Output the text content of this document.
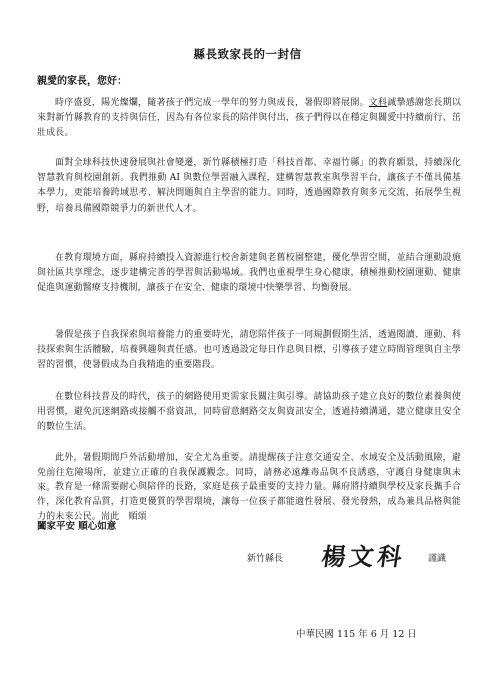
縣長致家長的一封信
親愛的家長，您好：
時序盛夏，陽光燦爛，隨著孩子們完成一學年的努力與成長，暑假即將展開。文科誠摯感謝您長期以來對新竹縣教育的支持與信任，因為有各位家長的陪伴與付出，孩子們得以在穩定與關愛中持續前行、茁壯成長。
面對全球科技快速發展與社會變遷，新竹縣積極打造「科技首都、幸福竹縣」的教育願景，持續深化智慧教育與校園創新。我們推動 AI 與數位學習融入課程，建構智慧教室與學習平台，讓孩子不僅具備基本學力，更能培養跨域思考、解決問題與自主學習的能力。同時，透過國際教育與多元交流，拓展學生視野，培養具備國際競爭力的新世代人才。
在教育環境方面，縣府持續投入資源進行校舍新建與老舊校園整建，優化學習空間，並結合運動設施與社區共享理念，逐步建構完善的學習與活動場域。我們也重視學生身心健康，積極推動校園運動、健康促進與運動醫療支持機制，讓孩子在安全、健康的環境中快樂學習、均衡發展。
暑假是孩子自我探索與培養能力的重要時光，請您陪伴孩子一同規劃假期生活，透過閱讀、運動、科技探索與生活體驗，培養興趣與責任感。也可透過設定每日作息與目標，引導孩子建立時間管理與自主學習的習慣，使暑假成為自我精進的重要階段。
在數位科技普及的時代，孩子的網路使用更需家長關注與引導。請協助孩子建立良好的數位素養與使用習慣，避免沉迷網路或接觸不當資訊，同時留意網路交友與資訊安全，透過持續溝通，建立健康且安全的數位生活。
此外，暑假期間戶外活動增加，安全尤為重要。請提醒孩子注意交通安全、水域安全及活動風險，避免前往危險場所，並建立正確的自我保護觀念。同時，請務必遠離毒品與不良誘惑，守護自身健康與未來。 教育是一條需要耐心與陪伴的長路，家庭是孩子最重要的支持力量。縣府將持續與學校及家長攜手合作，深化教育品質，打造更優質的學習環境，讓每一位孩子都能適性發展、發光發熱，成為兼具品格與能力的未來公民。耑此　順頌
闔家平安 順心如意
新竹縣長 楊文科 謹識
中華民國 115 年 6 月 12 日
